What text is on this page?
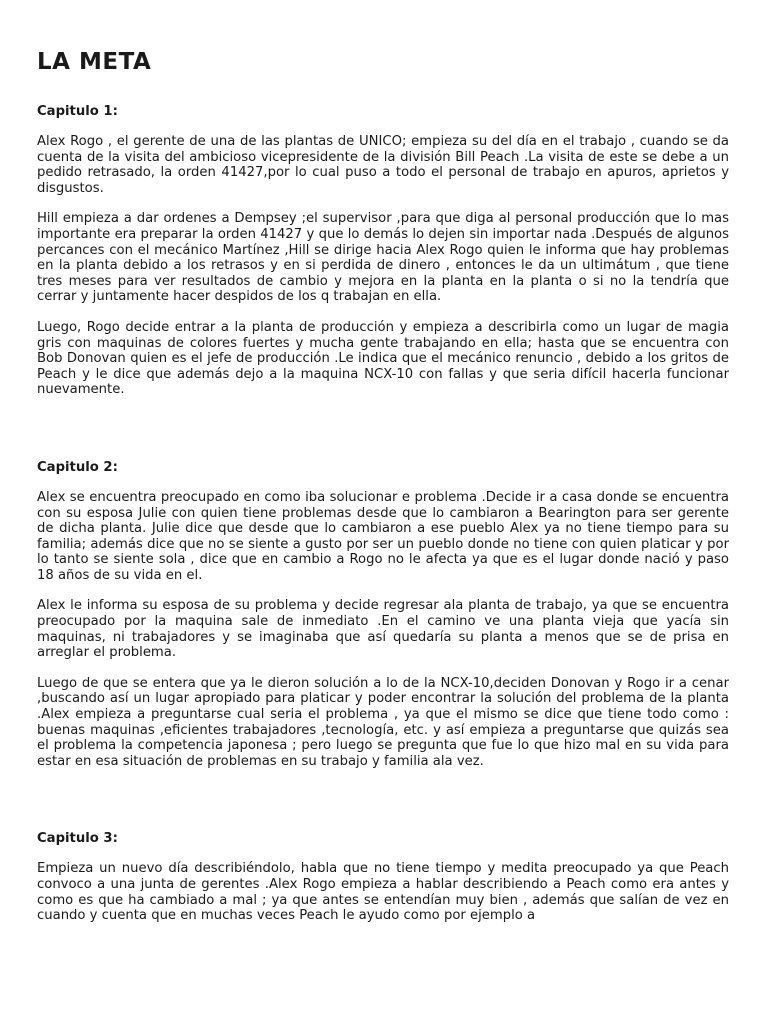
LA META
Capitulo 1:

Alex Rogo , el gerente de una de las plantas de UNICO; empieza su del día en el trabajo , cuando se da cuenta de la visita del ambicioso vicepresidente de la división Bill Peach .La visita de este se debe a un pedido retrasado, la orden 41427,por lo cual puso a todo el personal de trabajo en apuros, aprietos y disgustos.

Hill empieza a dar ordenes a Dempsey ;el supervisor ,para que diga al personal producción que lo mas importante era preparar la orden 41427 y que lo demás lo dejen sin importar nada .Después de algunos percances con el mecánico Martínez ,Hill se dirige hacia Alex Rogo quien le informa que hay problemas en la planta debido a los retrasos y en si perdida de dinero , entonces le da un ultimátum , que tiene tres meses para ver resultados de cambio y mejora en la planta en la planta o si no la tendría que cerrar y juntamente hacer despidos de los q trabajan en ella.

Luego, Rogo decide entrar a la planta de producción y empieza a describirla como un lugar de magia gris con maquinas de colores fuertes y mucha gente trabajando en ella; hasta que se encuentra con Bob Donovan quien es el jefe de producción .Le indica que el mecánico renuncio , debido a los gritos de Peach y le dice que además dejo a la maquina NCX-10 con fallas y que seria difícil hacerla funcionar nuevamente.

Capitulo 2:

Alex se encuentra preocupado en como iba solucionar e problema .Decide ir a casa donde se encuentra con su esposa Julie con quien tiene problemas desde que lo cambiaron a Bearington para ser gerente de dicha planta. Julie dice que desde que lo cambiaron a ese pueblo Alex ya no tiene tiempo para su familia; además dice que no se siente a gusto por ser un pueblo donde no tiene con quien platicar y por lo tanto se siente sola , dice que en cambio a Rogo no le afecta ya que es el lugar donde nació y paso 18 años de su vida en el.

Alex le informa su esposa de su problema y decide regresar ala planta de trabajo, ya que se encuentra preocupado por la maquina sale de inmediato .En el camino ve una planta vieja que yacía sin maquinas, ni trabajadores y se imaginaba que así quedaría su planta a menos que se de prisa en arreglar el problema.

Luego de que se entera que ya le dieron solución a lo de la NCX-10,deciden Donovan y Rogo ir a cenar ,buscando así un lugar apropiado para platicar y poder encontrar la solución del problema de la planta .Alex empieza a preguntarse cual seria el problema , ya que el mismo se dice que tiene todo como : buenas maquinas ,eficientes trabajadores ,tecnología, etc. y así empieza a preguntarse que quizás sea el problema la competencia japonesa ; pero luego se pregunta que fue lo que hizo mal en su vida para estar en esa situación de problemas en su trabajo y familia ala vez.

Capitulo 3:

Empieza un nuevo día describiéndolo, habla que no tiene tiempo y medita preocupado ya que Peach convoco a una junta de gerentes .Alex Rogo empieza a hablar describiendo a Peach como era antes y como es que ha cambiado a mal ; ya que antes se entendían muy bien , además que salían de vez en cuando y cuenta que en muchas veces Peach le ayudo como por ejemplo a
